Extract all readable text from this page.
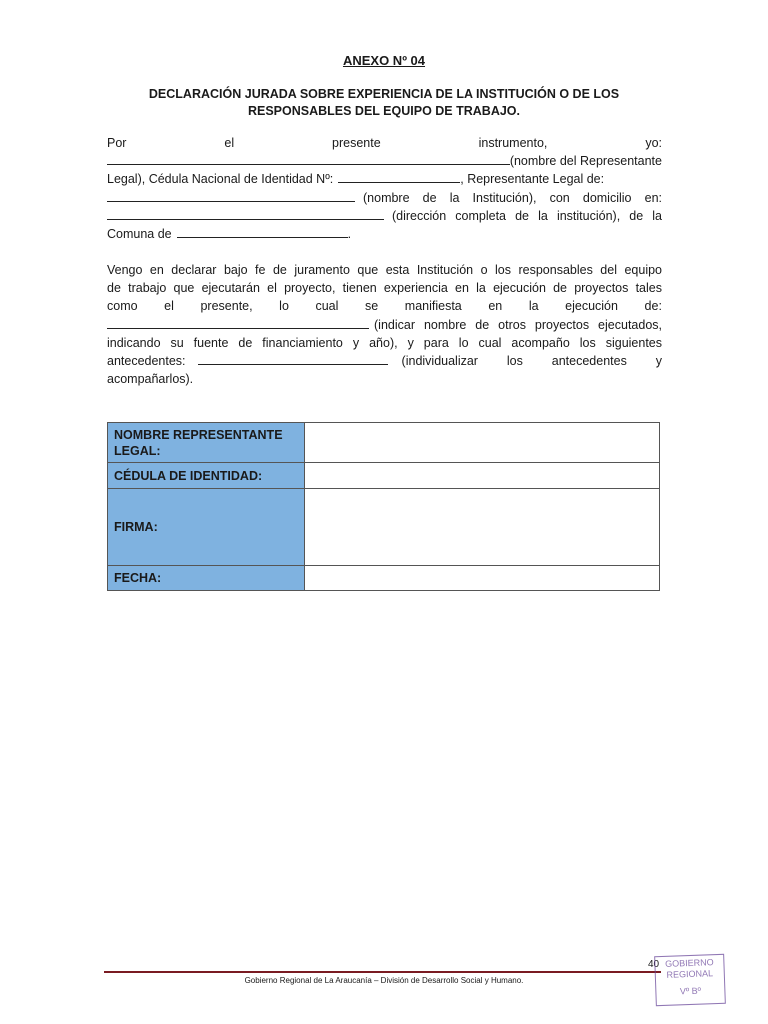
ANEXO Nº 04
DECLARACIÓN JURADA SOBRE EXPERIENCIA DE LA INSTITUCIÓN O DE LOS
RESPONSABLES DEL EQUIPO DE TRABAJO.
Por	el	presente	instrumento,	yo:
(nombre del Representante
Legal), Cédula Nacional de Identidad Nº:	, Representante Legal de:
(nombre de la Institución), con domicilio en:
(dirección completa de la institución), de la
Comuna de	.
Vengo en declarar bajo fe de juramento que esta Institución o los responsables del equipo
de trabajo que ejecutarán el proyecto, tienen experiencia en la ejecución de proyectos tales
como el presente, lo cual se manifiesta en la ejecución de:
(indicar nombre de otros proyectos ejecutados,
indicando su fuente de financiamiento y año), y para lo cual acompaño los siguientes
antecedentes:	(individualizar los antecedentes y
acompañarlos).
NOMBRE REPRESENTANTE
LEGAL:	

CÉDULA DE IDENTIDAD:	
FIRMA:	
FECHA:	
Gobierno Regional de La Araucanía – División de Desarrollo Social y Humano.
40 GOBIERNO
REGIONAL
Vº Bº
